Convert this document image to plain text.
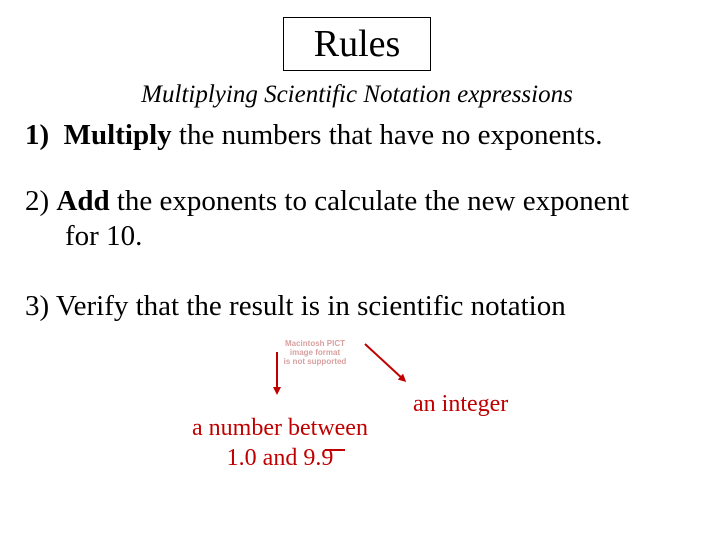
Rules
Multiplying Scientific Notation expressions
1) Multiply the numbers that have no exponents.
2) Add the exponents to calculate the new exponent
for 10.
3) Verify that the result is in scientific notation
Macintosh PICT
image format
is not supported
a number between
1.0 and 9.9
an integer
